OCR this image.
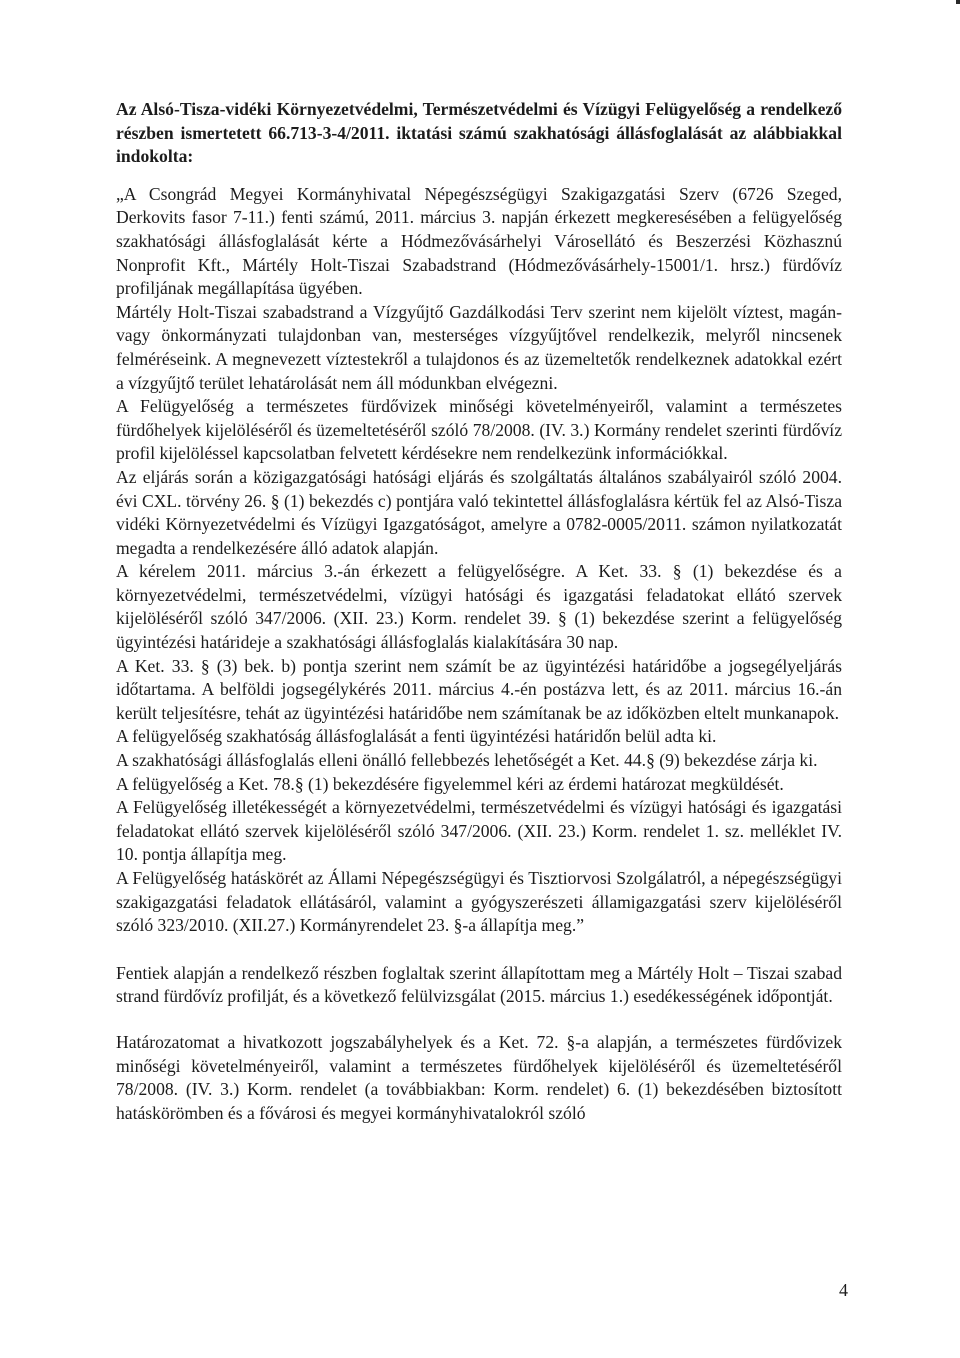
Az Alsó-Tisza-vidéki Környezetvédelmi, Természetvédelmi és Vízügyi Felügyelőség a rendelkező részben ismertetett 66.713-3-4/2011. iktatási számú szakhatósági állásfoglalását az alábbiakkal indokolta:

„A Csongrád Megyei Kormányhivatal Népegészségügyi Szakigazgatási Szerv (6726 Szeged, Derkovits fasor 7-11.) fenti számú, 2011. március 3. napján érkezett megkeresésében a felügyelőség szakhatósági állásfoglalását kérte a Hódmezővásárhelyi Városellátó és Beszerzési Közhasznú Nonprofit Kft., Mártély Holt-Tiszai Szabadstrand (Hódmezővásárhely-15001/1. hrsz.) fürdővíz profiljának megállapítása ügyében.

Mártély Holt-Tiszai szabadstrand a Vízgyűjtő Gazdálkodási Terv szerint nem kijelölt víztest, magán- vagy önkormányzati tulajdonban van, mesterséges vízgyűjtővel rendelkezik, melyről nincsenek felméréseink. A megnevezett víztestekről a tulajdonos és az üzemeltetők rendelkeznek adatokkal ezért a vízgyűjtő terület lehatárolását nem áll módunkban elvégezni.

A Felügyelőség a természetes fürdővizek minőségi követelményeiről, valamint a természetes fürdőhelyek kijelöléséről és üzemeltetéséről szóló 78/2008. (IV. 3.) Kormány rendelet szerinti fürdővíz profil kijelöléssel kapcsolatban felvetett kérdésekre nem rendelkezünk információkkal.

Az eljárás során a közigazgatósági hatósági eljárás és szolgáltatás általános szabályairól szóló 2004. évi CXL. törvény 26. § (1) bekezdés c) pontjára való tekintettel állásfoglalásra kértük fel az Alsó-Tisza vidéki Környezetvédelmi és Vízügyi Igazgatóságot, amelyre a 0782-0005/2011. számon nyilatkozatát megadta a rendelkezésére álló adatok alapján.

A kérelem 2011. március 3.-án érkezett a felügyelőségre. A Ket. 33. § (1) bekezdése és a környezetvédelmi, természetvédelmi, vízügyi hatósági és igazgatási feladatokat ellátó szervek kijelöléséről szóló 347/2006. (XII. 23.) Korm. rendelet 39. § (1) bekezdése szerint a felügyelőség ügyintézési határideje a szakhatósági állásfoglalás kialakítására 30 nap.

A Ket. 33. § (3) bek. b) pontja szerint nem számít be az ügyintézési határidőbe a jogsegélyeljárás időtartama. A belföldi jogsegélykérés 2011. március 4.-én postázva lett, és az 2011. március 16.-án került teljesítésre, tehát az ügyintézési határidőbe nem számítanak be az időközben eltelt munkanapok.

A felügyelőség szakhatóság állásfoglalását a fenti ügyintézési határidőn belül adta ki.

A szakhatósági állásfoglalás elleni önálló fellebbezés lehetőségét a Ket. 44.§ (9) bekezdése zárja ki.

A felügyelőség a Ket. 78.§ (1) bekezdésére figyelemmel kéri az érdemi határozat megküldését.

A Felügyelőség illetékességét a környezetvédelmi, természetvédelmi és vízügyi hatósági és igazgatási feladatokat ellátó szervek kijelöléséről szóló 347/2006. (XII. 23.) Korm. rendelet 1. sz. melléklet IV. 10. pontja állapítja meg.

A Felügyelőség hatáskörét az Állami Népegészségügyi és Tisztiorvosi Szolgálatról, a népegészségügyi szakigazgatási feladatok ellátásáról, valamint a gyógyszerészeti államigazgatási szerv kijelöléséről szóló 323/2010. (XII.27.) Kormányrendelet 23. §-a állapítja meg.”

Fentiek alapján a rendelkező részben foglaltak szerint állapítottam meg a Mártély Holt – Tiszai szabad strand fürdővíz profilját, és a következő felülvizsgálat (2015. március 1.) esedékességének időpontját.

Határozatomat a hivatkozott jogszabályhelyek és a Ket. 72. §-a alapján, a természetes fürdővizek minőségi követelményeiről, valamint a természetes fürdőhelyek kijelöléséről és üzemeltetéséről 78/2008. (IV. 3.) Korm. rendelet (a továbbiakban: Korm. rendelet) 6. (1) bekezdésében biztosított hatáskörömben és a fővárosi és megyei kormányhivatalokról szóló

4
